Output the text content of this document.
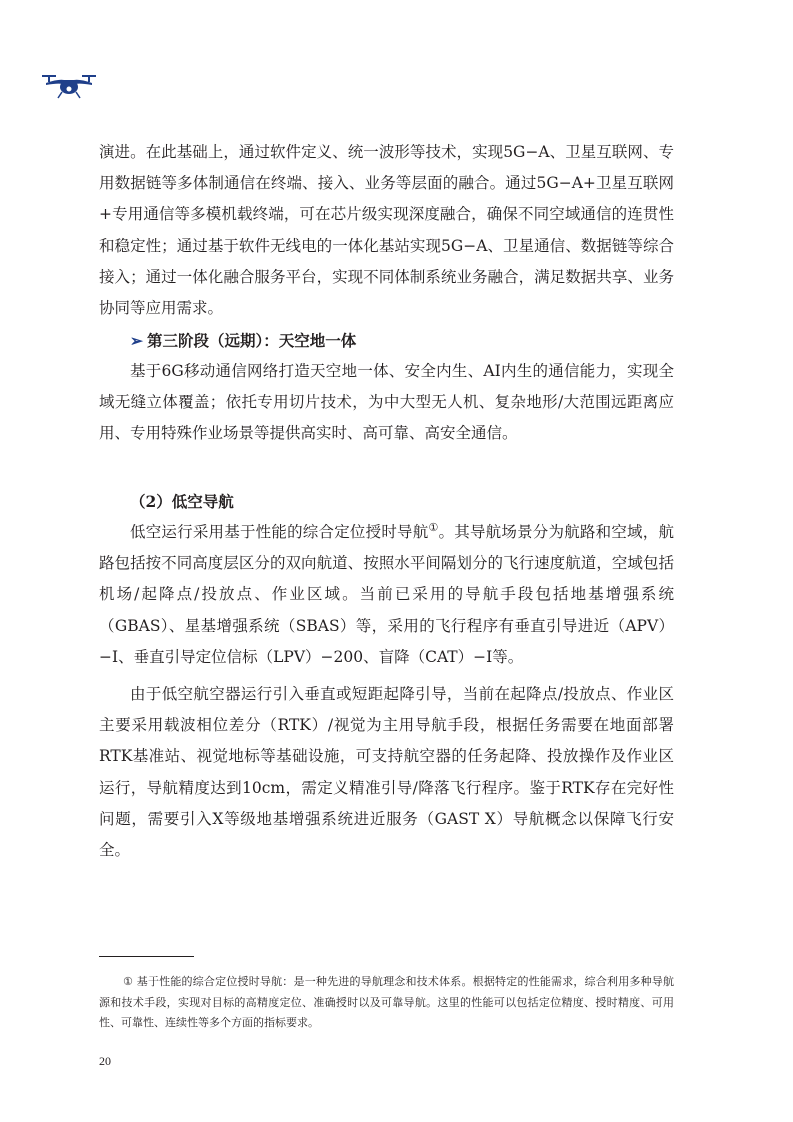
演进。在此基础上，通过软件定义、统一波形等技术，实现5G−A、卫星互联网、专用数据链等多体制通信在终端、接入、业务等层面的融合。通过5G−A+卫星互联网+专用通信等多模机载终端，可在芯片级实现深度融合，确保不同空域通信的连贯性和稳定性；通过基于软件无线电的一体化基站实现5G−A、卫星通信、数据链等综合接入；通过一体化融合服务平台，实现不同体制系统业务融合，满足数据共享、业务协同等应用需求。

➢ 第三阶段（远期）：天空地一体

基于6G移动通信网络打造天空地一体、安全内生、AI内生的通信能力，实现全域无缝立体覆盖；依托专用切片技术，为中大型无人机、复杂地形/大范围远距离应用、专用特殊作业场景等提供高实时、高可靠、高安全通信。

（2）低空导航

低空运行采用基于性能的综合定位授时导航①。其导航场景分为航路和空域，航路包括按不同高度层区分的双向航道、按照水平间隔划分的飞行速度航道，空域包括机场/起降点/投放点、作业区域。当前已采用的导航手段包括地基增强系统（GBAS）、星基增强系统（SBAS）等，采用的飞行程序有垂直引导进近（APV）−I、垂直引导定位信标（LPV）−200、盲降（CAT）−I等。

由于低空航空器运行引入垂直或短距起降引导，当前在起降点/投放点、作业区主要采用载波相位差分（RTK）/视觉为主用导航手段，根据任务需要在地面部署RTK基准站、视觉地标等基础设施，可支持航空器的任务起降、投放操作及作业区运行，导航精度达到10cm，需定义精准引导/降落飞行程序。鉴于RTK存在完好性问题，需要引入X等级地基增强系统进近服务（GAST X）导航概念以保障飞行安全。

① 基于性能的综合定位授时导航：是一种先进的导航理念和技术体系。根据特定的性能需求，综合利用多种导航源和技术手段，实现对目标的高精度定位、准确授时以及可靠导航。这里的性能可以包括定位精度、授时精度、可用性、可靠性、连续性等多个方面的指标要求。

20
